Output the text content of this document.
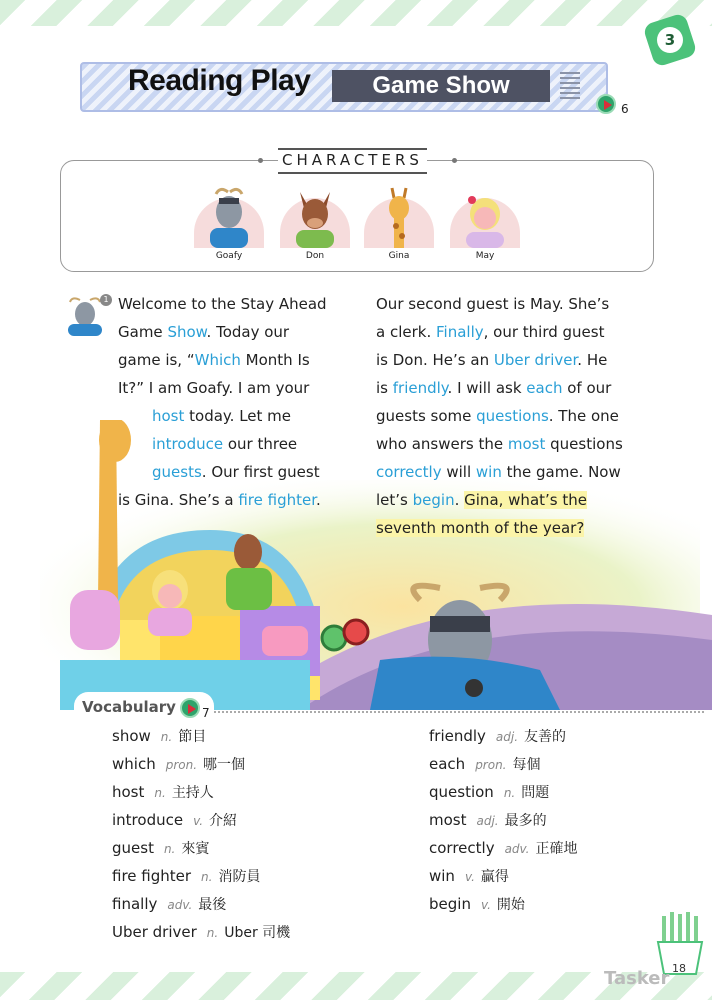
3
Reading Play	Game Show
6
CHARACTERS
Goafy	Don	Gina	May
1 Welcome to the Stay Ahead
Game Show. Today our
game is, “Which Month Is
It?” I am Goafy. I am your
host today. Let me
introduce our three
guests. Our first guest
is Gina. She’s a fire fighter.
Our second guest is May. She’s
a clerk. Finally, our third guest
is Don. He’s an Uber driver. He
is friendly. I will ask each of our
guests some questions. The one
who answers the most questions
correctly will win the game. Now
let’s begin. Gina, what’s the
seventh month of the year?
Vocabulary 7
show n. 節目
which pron. 哪一個
host n. 主持人
introduce v. 介紹
guest n. 來賓
fire fighter n. 消防員
finally adv. 最後
Uber driver n. Uber 司機
friendly adj. 友善的
each pron. 每個
question n. 問題
most adj. 最多的
correctly adv. 正確地
win v. 贏得
begin v. 開始
18
Tasker
